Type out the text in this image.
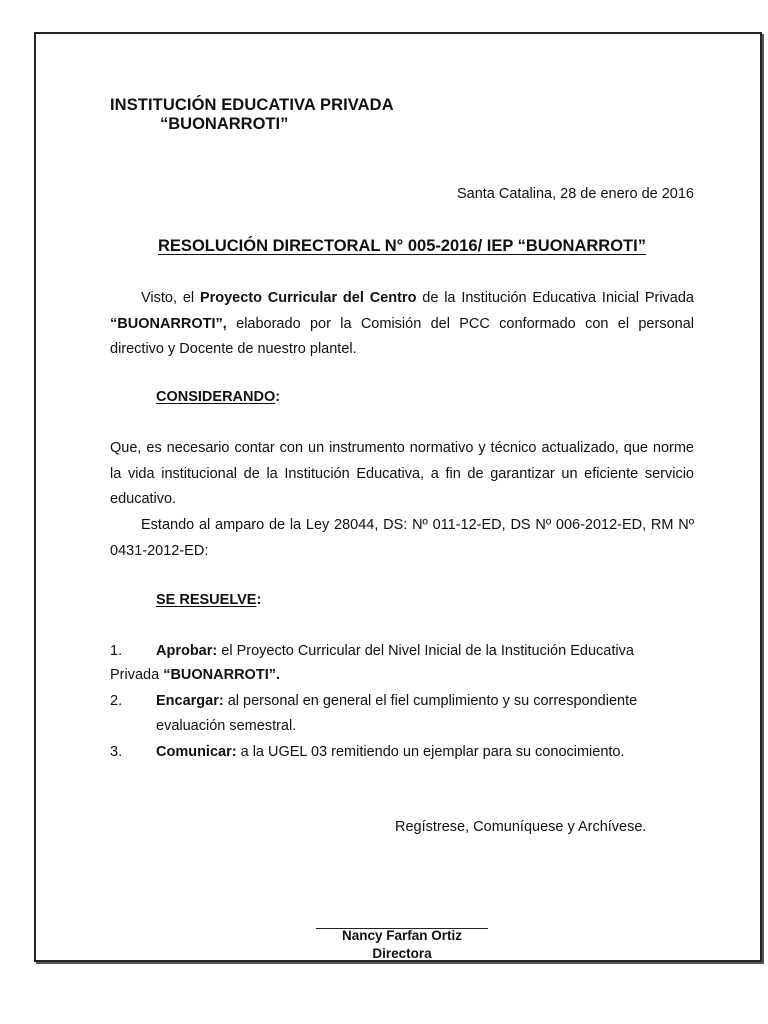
INSTITUCIÓN EDUCATIVA PRIVADA
“BUONARROTI”
Santa Catalina, 28 de enero de 2016
RESOLUCIÓN DIRECTORAL N° 005-2016/ IEP “BUONARROTI”
Visto, el Proyecto Curricular del Centro de la Institución Educativa Inicial Privada “BUONARROTI”, elaborado por la Comisión del PCC conformado con el personal directivo y Docente de nuestro plantel.
CONSIDERANDO:
Que, es necesario contar con un instrumento normativo y técnico actualizado, que norme la vida institucional de la Institución Educativa, a fin de garantizar un eficiente servicio educativo.
Estando al amparo de la Ley 28044, DS: Nº 011-12-ED, DS Nº 006-2012-ED, RM Nº 0431-2012-ED:
SE RESUELVE:
1. Aprobar: el Proyecto Curricular del Nivel Inicial de la Institución Educativa
Privada “BUONARROTI”.
2. Encargar: al personal en general el fiel cumplimiento y su correspondiente
evaluación semestral.
3. Comunicar: a la UGEL 03 remitiendo un ejemplar para su conocimiento.
Regístrese, Comuníquese y Archívese.
Nancy Farfan Ortiz
Directora
